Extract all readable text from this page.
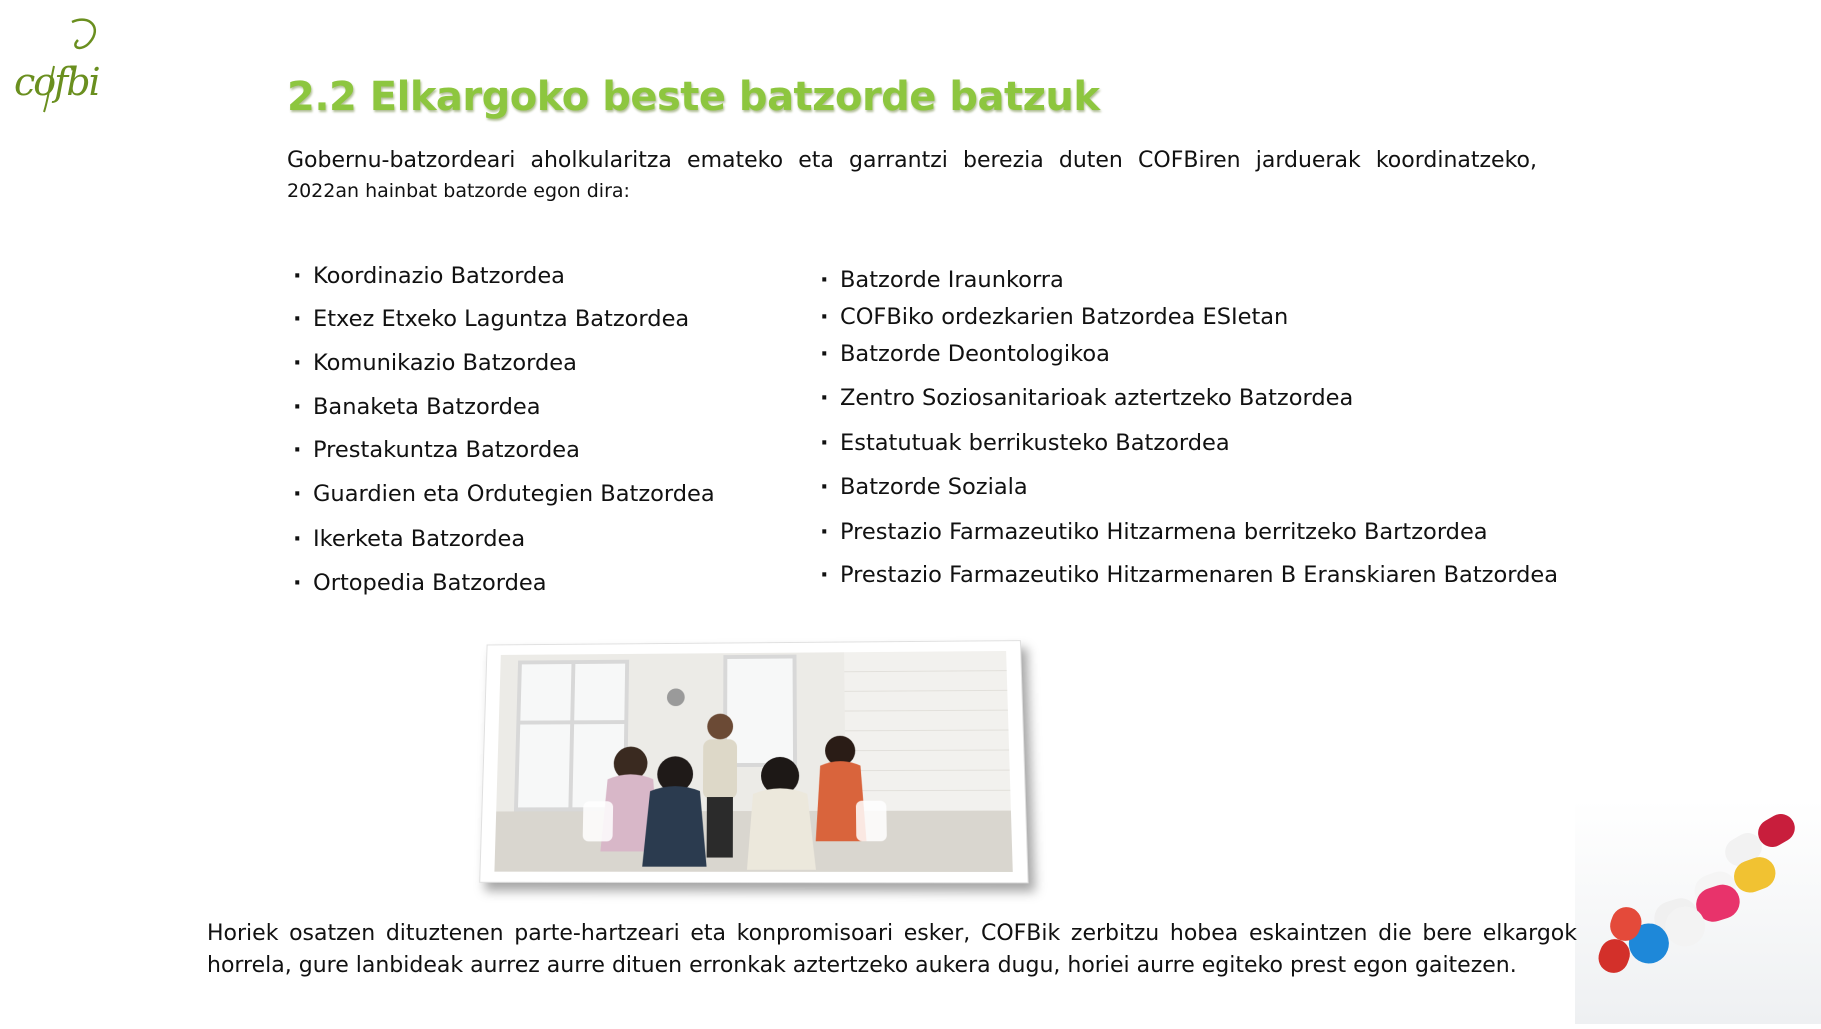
cofbi	2.2 Elkargoko beste batzorde batzuk
Gobernu-batzordeari aholkularitza emateko eta garrantzi berezia duten COFBiren jarduerak koordinatzeko,
2022an hainbat batzorde egon dira:
· Koordinazio Batzordea
· Etxez Etxeko Laguntza Batzordea
· Komunikazio Batzordea
· Banaketa Batzordea
· Prestakuntza Batzordea
· Guardien eta Ordutegien Batzordea
· Ikerketa Batzordea
· Ortopedia Batzordea
· Batzorde Iraunkorra
· COFBiko ordezkarien Batzordea ESIetan
· Batzorde Deontologikoa
· Zentro Soziosanitarioak aztertzeko Batzordea
· Estatutuak berrikusteko Batzordea
· Batzorde Soziala
· Prestazio Farmazeutiko Hitzarmena berritzeko Bartzordea
· Prestazio Farmazeutiko Hitzarmenaren B Eranskiaren Batzordea
Horiek osatzen dituztenen parte-hartzeari eta konpromisoari esker, COFBik zerbitzu hobea eskaintzen die bere elkargok
horrela, gure lanbideak aurrez aurre dituen erronkak aztertzeko aukera dugu, horiei aurre egiteko prest egon gaitezen.
